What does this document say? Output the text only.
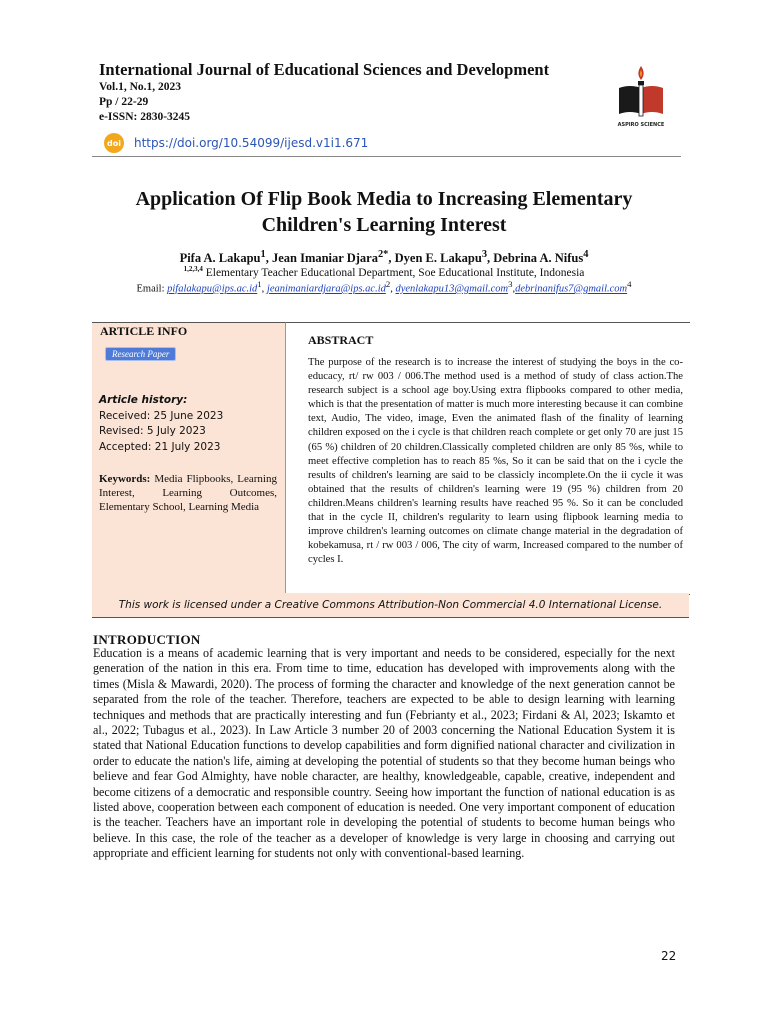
International Journal of Educational Sciences and Development
Vol.1, No.1, 2023
Pp / 22-29
e-ISSN: 2830-3245
doi https://doi.org/10.54099/ijesd.v1i1.671
ASPIRO SCIENCE
Application Of Flip Book Media to Increasing Elementary
Children's Learning Interest
Pifa A. Lakapu$^1$, Jean Imaniar Djara$^{2*}$, Dyen E. Lakapu$^3$, Debrina A. Nifus$^4$
$^{1,2,3,4}$ Elementary Teacher Educational Department, Soe Educational Institute, Indonesia
Email: $pifalakapu@ips.ac.id^1$, $jeanimaniardjara@ips.ac.id^2$, dyenlakapu13@gmail.com$^3$,debrinanifus7@gmail.com$^4$
ARTICLE INFO
Research Paper
Article history:
Received: 25 June 2023
Revised: 5 July 2023
Accepted: 21 July 2023
Keywords: Media Flipbooks, Learning Interest, Learning Outcomes, Elementary School, Learning Media
ABSTRACT
The purpose of the research is to increase the interest of studying the boys in the co-educacy, rt/ rw 003 / 006.The method used is a method of study of class action.The research subject is a school age boy.Using extra flipbooks compared to other media, which is that the presentation of matter is much more interesting because it can combine text, Audio, The video, image, Even the animated flash of the finality of learning children exposed on the i cycle is that children reach complete or get only 70 are just 15 (65 %) children of 20 children.Classically completed children are only 85 %s, while to meet effective completion has to reach 85 %s, So it can be said that on the i cycle the results of children's learning are said to be classicly incomplete.On the ii cycle it was obtained that the results of children's learning were 19 (95 %) children from 20 children.Means children's learning results have reached 95 %. So it can be concluded that in the cycle II, children's regularity to learn using flipbook learning media to improve children's learning outcomes on climate change material in the degradation of kobekamusa, rt / rw 003 / 006, The city of warm, Increased compared to the number of cycles I.
This work is licensed under a Creative Commons Attribution-Non Commercial 4.0 International License.
INTRODUCTION
Education is a means of academic learning that is very important and needs to be considered, especially for the next generation of the nation in this era. From time to time, education has developed with improvements along with the times (Misla & Mawardi, 2020). The process of forming the character and knowledge of the next generation cannot be separated from the role of the teacher. Therefore, teachers are expected to be able to design learning with learning techniques and methods that are practically interesting and fun (Febrianty et al., 2023; Firdani & Al, 2023; Iskamto et al., 2022; Tubagus et al., 2023). In Law Article 3 number 20 of 2003 concerning the National Education System it is stated that National Education functions to develop capabilities and form dignified national character and civilization in order to educate the nation's life, aiming at developing the potential of students so that they become human beings who believe and fear God Almighty, have noble character, are healthy, knowledgeable, capable, creative, independent and become citizens of a democratic and responsible country. Seeing how important the function of national education is as listed above, cooperation between each component of education is needed. One very important component of education is the teacher. Teachers have an important role in developing the potential of students to become human beings who believe. In this case, the role of the teacher as a developer of knowledge is very large in choosing and carrying out appropriate and efficient learning for students not only with conventional-based learning.
22
